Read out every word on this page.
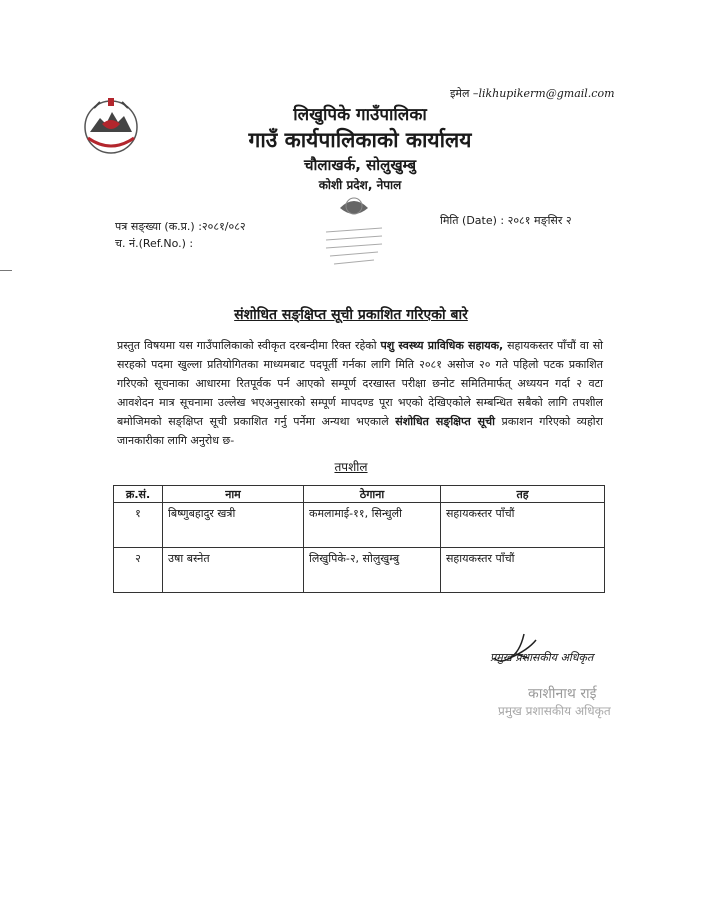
इमेल –likhupikerm@gmail.com
लिखुपिके गाउँपालिका
गाउँ कार्यपालिकाको कार्यालय
चौलाखर्क, सोलुखुम्बु
कोशी प्रदेश, नेपाल
पत्र सङ्ख्या (क.प्र.) :२०८१/०८२
च. नं.(Ref.No.) :
मिति (Date) : २०८१ मङ्सिर २
संशोधित सङ्क्षिप्त सूची प्रकाशित गरिएको बारे
प्रस्तुत विषयमा यस गाउँपालिकाको स्वीकृत दरबन्दीमा रिक्त रहेको पशु स्वस्थ्य प्राविधिक सहायक, सहायकस्तर पाँचौं वा सो सरहको पदमा खुल्ला प्रतियोगितका माध्यमबाट पदपूर्ती गर्नका लागि मिति २०८१ असोज २० गते पहिलो पटक प्रकाशित गरिएको सूचनाका आधारमा रितपूर्वक पर्न आएको सम्पूर्ण दरखास्त परीक्षा छनोट समितिमार्फत् अध्ययन गर्दा २ वटा आवशेदन मात्र सूचनामा उल्लेख भएअनुसारको सम्पूर्ण मापदण्ड पूरा भएको देखिएकोले सम्बन्धित सबैको लागि तपशील बमोजिमको सङ्क्षिप्त सूची प्रकाशित गर्नु पर्नेमा अन्यथा भएकाले संशोधित सङ्क्षिप्त सूची प्रकाशन गरिएको व्यहोरा जानकारीका लागि अनुरोध छ-
तपशील
क्र.सं.	नाम	ठेगाना	तह
१	बिष्णुबहादुर खत्री	कमलामाई-११, सिन्धुली	सहायकस्तर पाँचौं
२	उषा बस्नेत	लिखुपिके-२, सोलुखुम्बु	सहायकस्तर पाँचौं
प्रमुख प्रशासकीय अधिकृत
काशीनाथ राई
प्रमुख प्रशासकीय अधिकृत
